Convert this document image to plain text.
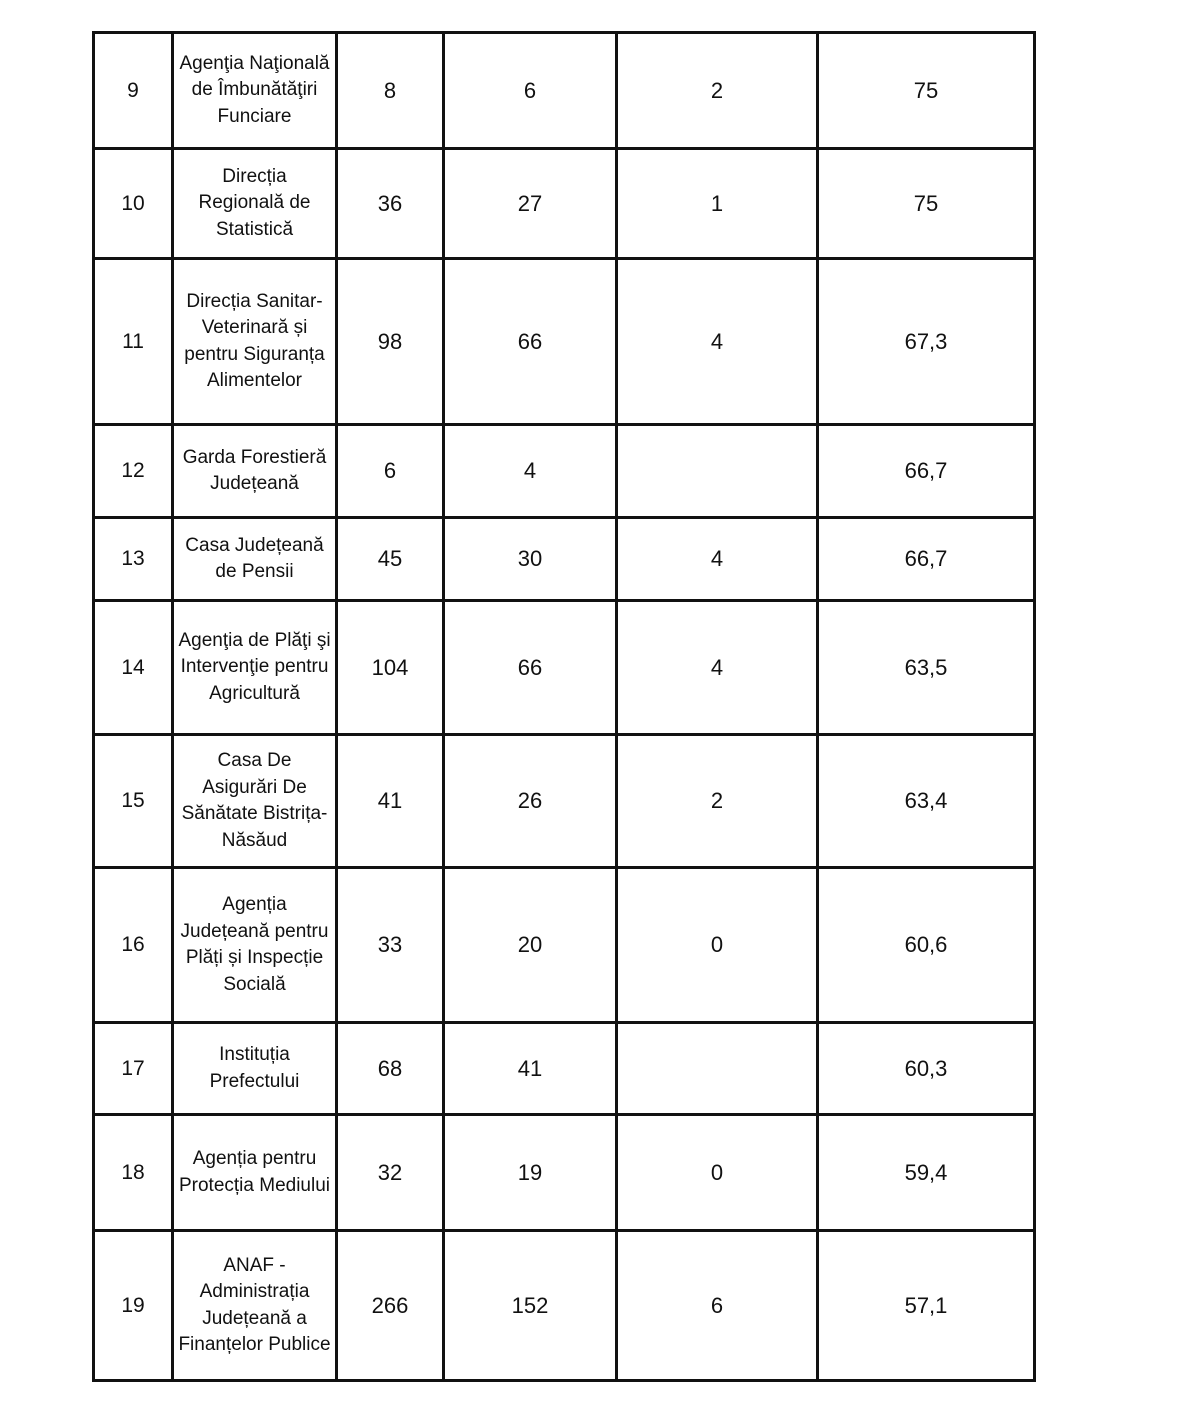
9	Agenţia Naţională de Îmbunătăţiri Funciare	8	6	2	75
10	Direcția Regională de Statistică	36	27	1	75
11	Direcția Sanitar-Veterinară și pentru Siguranța Alimentelor	98	66	4	67,3
12	Garda Forestieră Județeană	6	4		66,7
13	Casa Județeană de Pensii	45	30	4	66,7
14	Agenţia de Plăţi şi Intervenţie pentru Agricultură	104	66	4	63,5
15	Casa De Asigurări De Sănătate Bistrița-Năsăud	41	26	2	63,4
16	Agenția Județeană pentru Plăți și Inspecție Socială	33	20	0	60,6
17	Instituția Prefectului	68	41		60,3
18	Agenția pentru Protecția Mediului	32	19	0	59,4
19	ANAF - Administrația Județeană a Finanțelor Publice	266	152	6	57,1
